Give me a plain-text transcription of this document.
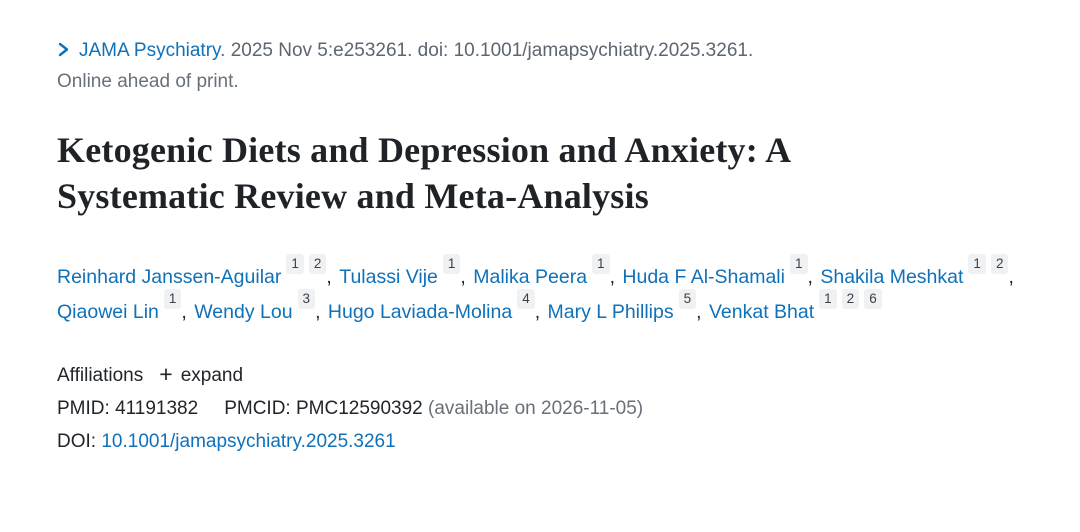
JAMA Psychiatry. 2025 Nov 5:e253261. doi: 10.1001/jamapsychiatry.2025.3261.
Online ahead of print.
Ketogenic Diets and Depression and Anxiety: A
Systematic Review and Meta-Analysis
Reinhard Janssen-Aguilar$^1$ $^2$, Tulassi Vije$^1$, Malika Peera$^1$, Huda F Al-Shamali$^1$, Shakila Meshkat$^1$ $^2$, Qiaowei Lin$^1$, Wendy Lou$^3$, Hugo Laviada-Molina$^4$, Mary L Phillips$^5$, Venkat Bhat$^1$ $^2$ $^6$
Affiliations + expand
PMID: 41191382 PMCID: PMC12590392 (available on 2026-11-05)
DOI: 10.1001/jamapsychiatry.2025.3261
